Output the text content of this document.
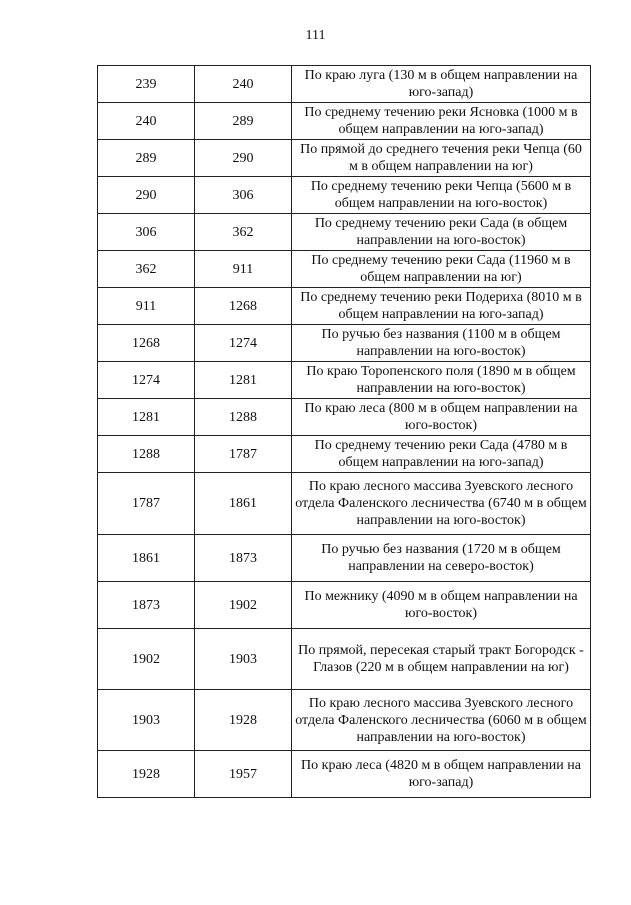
111
239	240	По краю луга (130 м в общем направлении на юго-запад)
240	289	По среднему течению реки Ясновка (1000 м в общем направлении на юго-запад)
289	290	По прямой до среднего течения реки Чепца (60 м в общем направлении на юг)
290	306	По среднему течению реки Чепца (5600 м в общем направлении на юго-восток)
306	362	По среднему течению реки Сада (в общем направлении на юго-восток)
362	911	По среднему течению реки Сада (11960 м в общем направлении на юг)
911	1268	По среднему течению реки Подериха (8010 м в общем направлении на юго-запад)
1268	1274	По ручью без названия (1100 м в общем направлении на юго-восток)
1274	1281	По краю Торопенского поля (1890 м в общем направлении на юго-восток)
1281	1288	По краю леса (800 м в общем направлении на юго-восток)
1288	1787	По среднему течению реки Сада (4780 м в общем направлении на юго-запад)
1787	1861	По краю лесного массива Зуевского лесного отдела Фаленского лесничества (6740 м в общем направлении на юго-восток)
1861	1873	По ручью без названия (1720 м в общем направлении на северо-восток)
1873	1902	По межнику (4090 м в общем направлении на юго-восток)
1902	1903	По прямой, пересекая старый тракт Богородск - Глазов (220 м в общем направлении на юг)
1903	1928	По краю лесного массива Зуевского лесного отдела Фаленского лесничества (6060 м в общем направлении на юго-восток)
1928	1957	По краю леса (4820 м в общем направлении на юго-запад)
